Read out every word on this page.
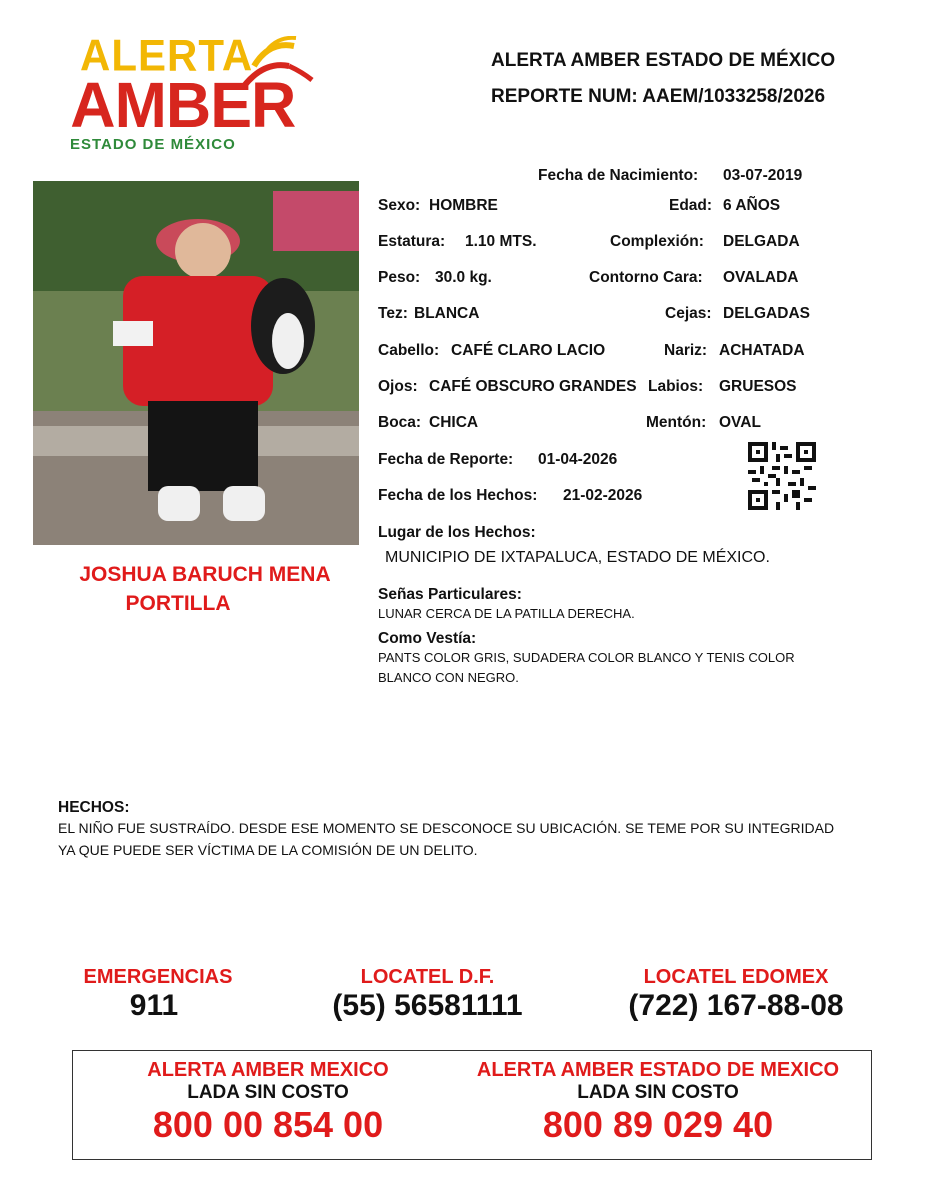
ALERTA
AMBER
ESTADO DE MÉXICO
ALERTA AMBER ESTADO DE MÉXICO
REPORTE NUM: AAEM/1033258/2026
JOSHUA BARUCH MENA
PORTILLA
Fecha de Nacimiento: 03-07-2019
Sexo: HOMBRE	Edad: 6 AÑOS
Estatura: 1.10 MTS.	Complexión: DELGADA
Peso: 30.0 kg.	Contorno Cara: OVALADA
Tez: BLANCA	Cejas: DELGADAS
Cabello: CAFÉ CLARO LACIO	Nariz: ACHATADA
Ojos: CAFÉ OBSCURO GRANDES Labios: GRUESOS
Boca: CHICA	Mentón: OVAL
Fecha de Reporte: 01-04-2026
Fecha de los Hechos: 21-02-2026
Lugar de los Hechos:
MUNICIPIO DE IXTAPALUCA, ESTADO DE MÉXICO.
Señas Particulares:
LUNAR CERCA DE LA PATILLA DERECHA.
Como Vestía:
PANTS COLOR GRIS, SUDADERA COLOR BLANCO Y TENIS COLOR
BLANCO CON NEGRO.
HECHOS:
EL NIÑO FUE SUSTRAÍDO. DESDE ESE MOMENTO SE DESCONOCE SU UBICACIÓN. SE TEME POR SU INTEGRIDAD
YA QUE PUEDE SER VÍCTIMA DE LA COMISIÓN DE UN DELITO.
EMERGENCIAS
911
LOCATEL D.F.
(55) 56581111
LOCATEL EDOMEX
(722) 167-88-08
ALERTA AMBER MEXICO
LADA SIN COSTO
800 00 854 00
ALERTA AMBER ESTADO DE MEXICO
LADA SIN COSTO
800 89 029 40
